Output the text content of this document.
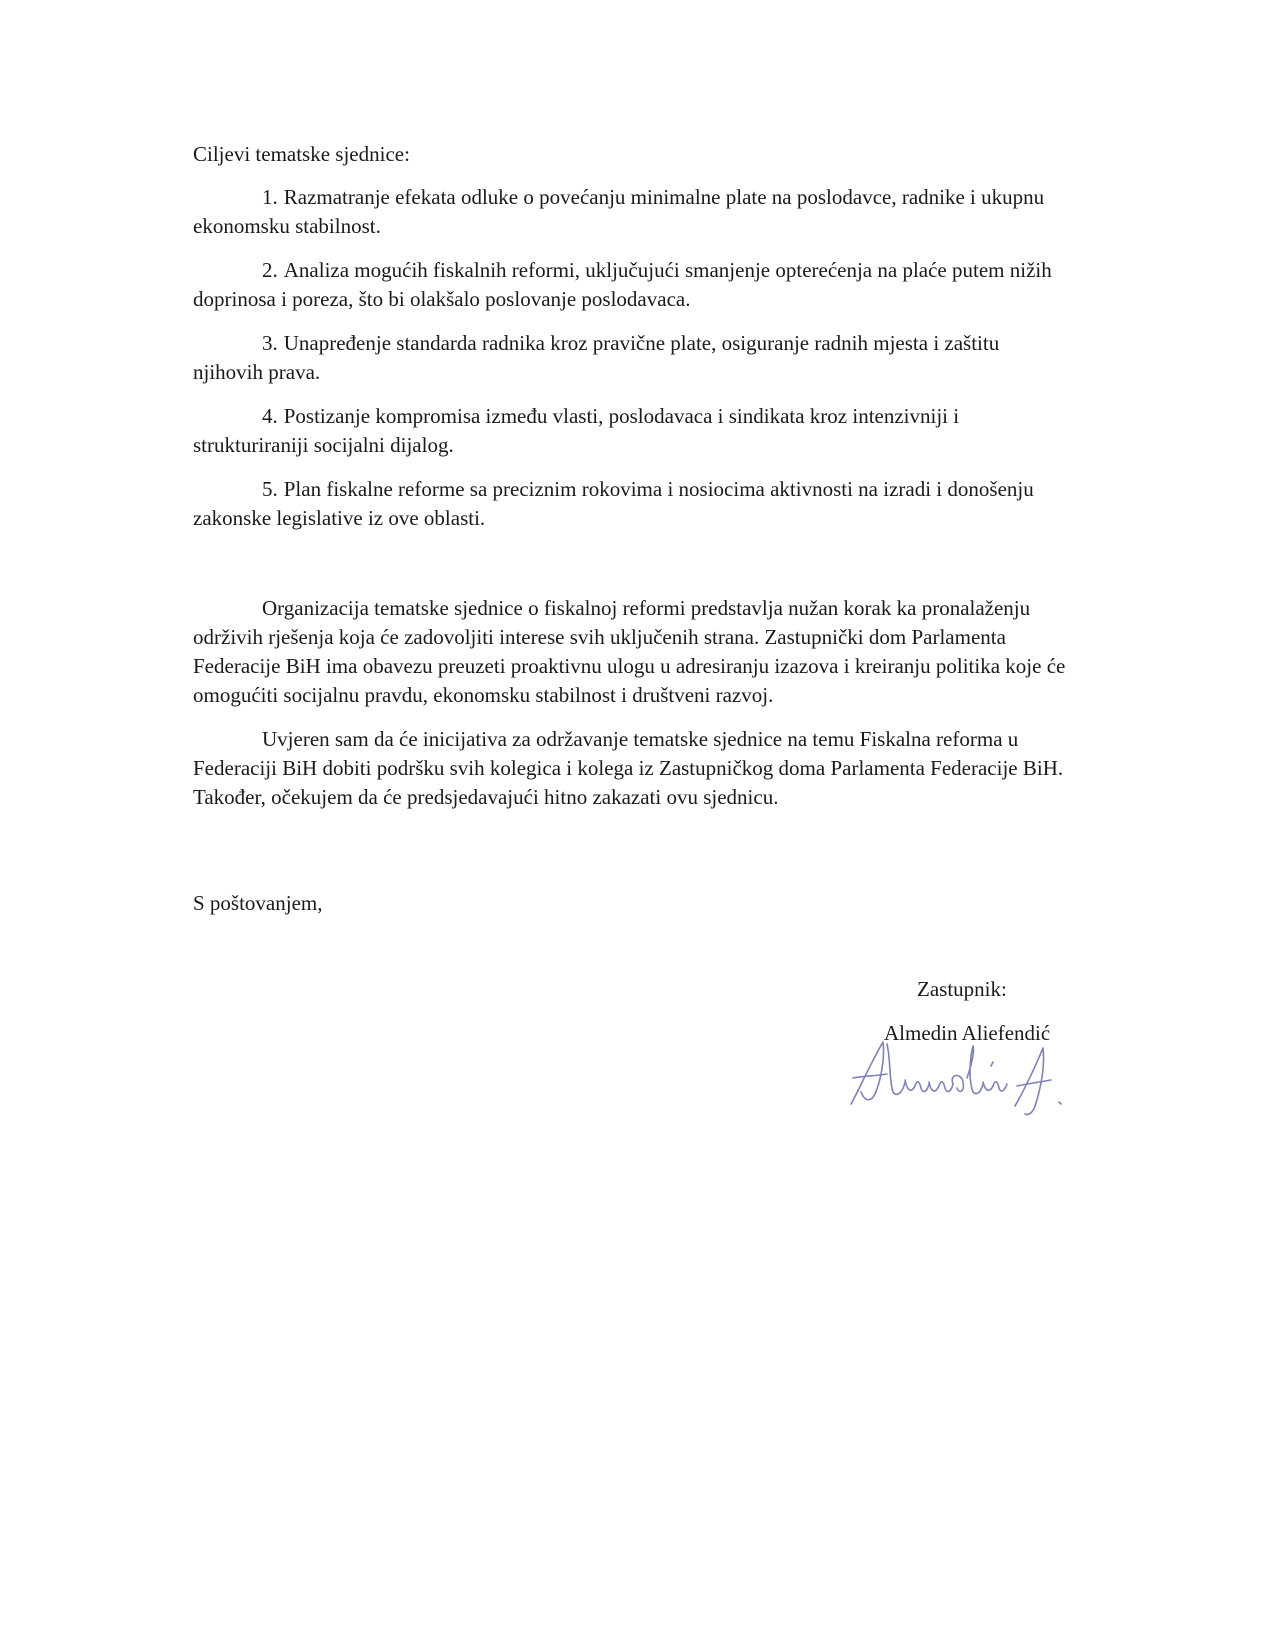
Ciljevi tematske sjednice:
1. Razmatranje efekata odluke o povećanju minimalne plate na poslodavce, radnike i ukupnu ekonomsku stabilnost.
2. Analiza mogućih fiskalnih reformi, uključujući smanjenje opterećenja na plaće putem nižih doprinosa i poreza, što bi olakšalo poslovanje poslodavaca.
3. Unapređenje standarda radnika kroz pravične plate, osiguranje radnih mjesta i zaštitu njihovih prava.
4. Postizanje kompromisa između vlasti, poslodavaca i sindikata kroz intenzivniji i strukturiraniji socijalni dijalog.
5. Plan fiskalne reforme sa preciznim rokovima i nosiocima aktivnosti na izradi i donošenju zakonske legislative iz ove oblasti.

Organizacija tematske sjednice o fiskalnoj reformi predstavlja nužan korak ka pronalaženju održivih rješenja koja će zadovoljiti interese svih uključenih strana. Zastupnički dom Parlamenta Federacije BiH ima obavezu preuzeti proaktivnu ulogu u adresiranju izazova i kreiranju politika koje će omogućiti socijalnu pravdu, ekonomsku stabilnost i društveni razvoj.

Uvjeren sam da će inicijativa za održavanje tematske sjednice na temu Fiskalna reforma u Federaciji BiH dobiti podršku svih kolegica i kolega iz Zastupničkog doma Parlamenta Federacije BiH. Također, očekujem da će predsjedavajući hitno zakazati ovu sjednicu.

S poštovanjem,
Zastupnik:
Almedin Aliefendić
